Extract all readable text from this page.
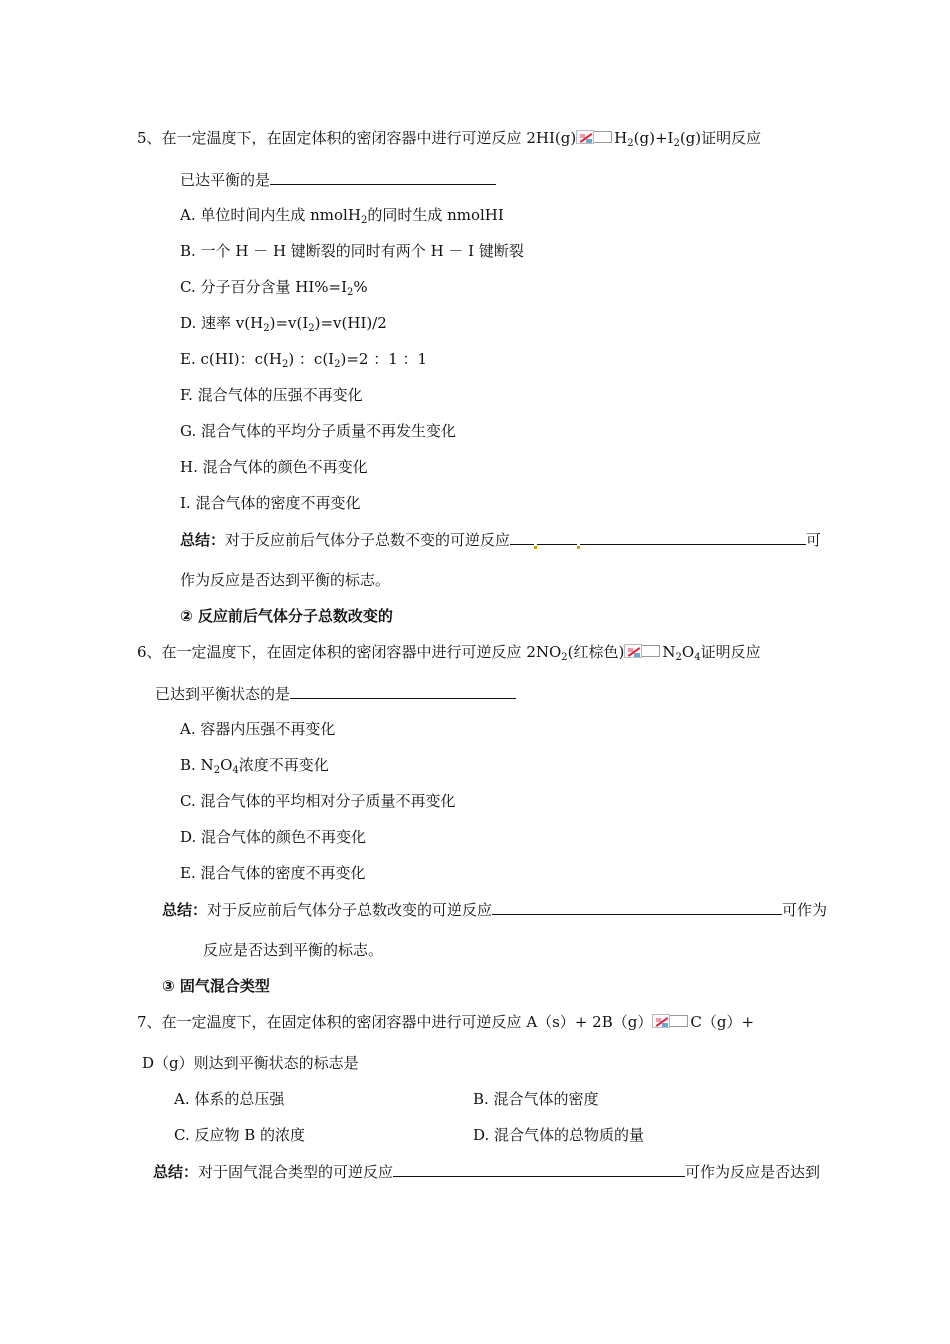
5、在一定温度下，在固定体积的密闭容器中进行可逆反应 2HI(g)	$H_2(g)+I_2(g)$证明反应
已达平衡的是
A. 单位时间内生成 nmolH$_2$的同时生成 nmolHI
B. 一个 H － H 键断裂的同时有两个 H － I 键断裂
C. 分子百分含量 $HI\%=I_2\%$
D. 速率 $v(H_2)=v(I_2)=v(HI)/2$
E. c(HI)：$c(H_2)$ ：$c(I_2)=2$ ：1 ：1
F. 混合气体的压强不再变化
G. 混合气体的平均分子质量不再发生变化
H. 混合气体的颜色不再变化
I. 混合气体的密度不再变化
总结：对于反应前后气体分子总数不变的可逆反应	可
作为反应是否达到平衡的标志。
② 反应前后气体分子总数改变的
6、在一定温度下，在固定体积的密闭容器中进行可逆反应 $2NO_2$(红棕色)	$N_2O_4$证明反应
已达到平衡状态的是
A. 容器内压强不再变化
B. $N_2O_4$浓度不再变化
C. 混合气体的平均相对分子质量不再变化
D. 混合气体的颜色不再变化
E. 混合气体的密度不再变化
总结：对于反应前后气体分子总数改变的可逆反应	可作为
反应是否达到平衡的标志。
③ 固气混合类型
7、在一定温度下，在固定体积的密闭容器中进行可逆反应 A（s）+ 2B（g）	C（g）+
D（g）则达到平衡状态的标志是
A. 体系的总压强	B. 混合气体的密度
C. 反应物 B 的浓度	D. 混合气体的总物质的量
总结：对于固气混合类型的可逆反应	可作为反应是否达到
